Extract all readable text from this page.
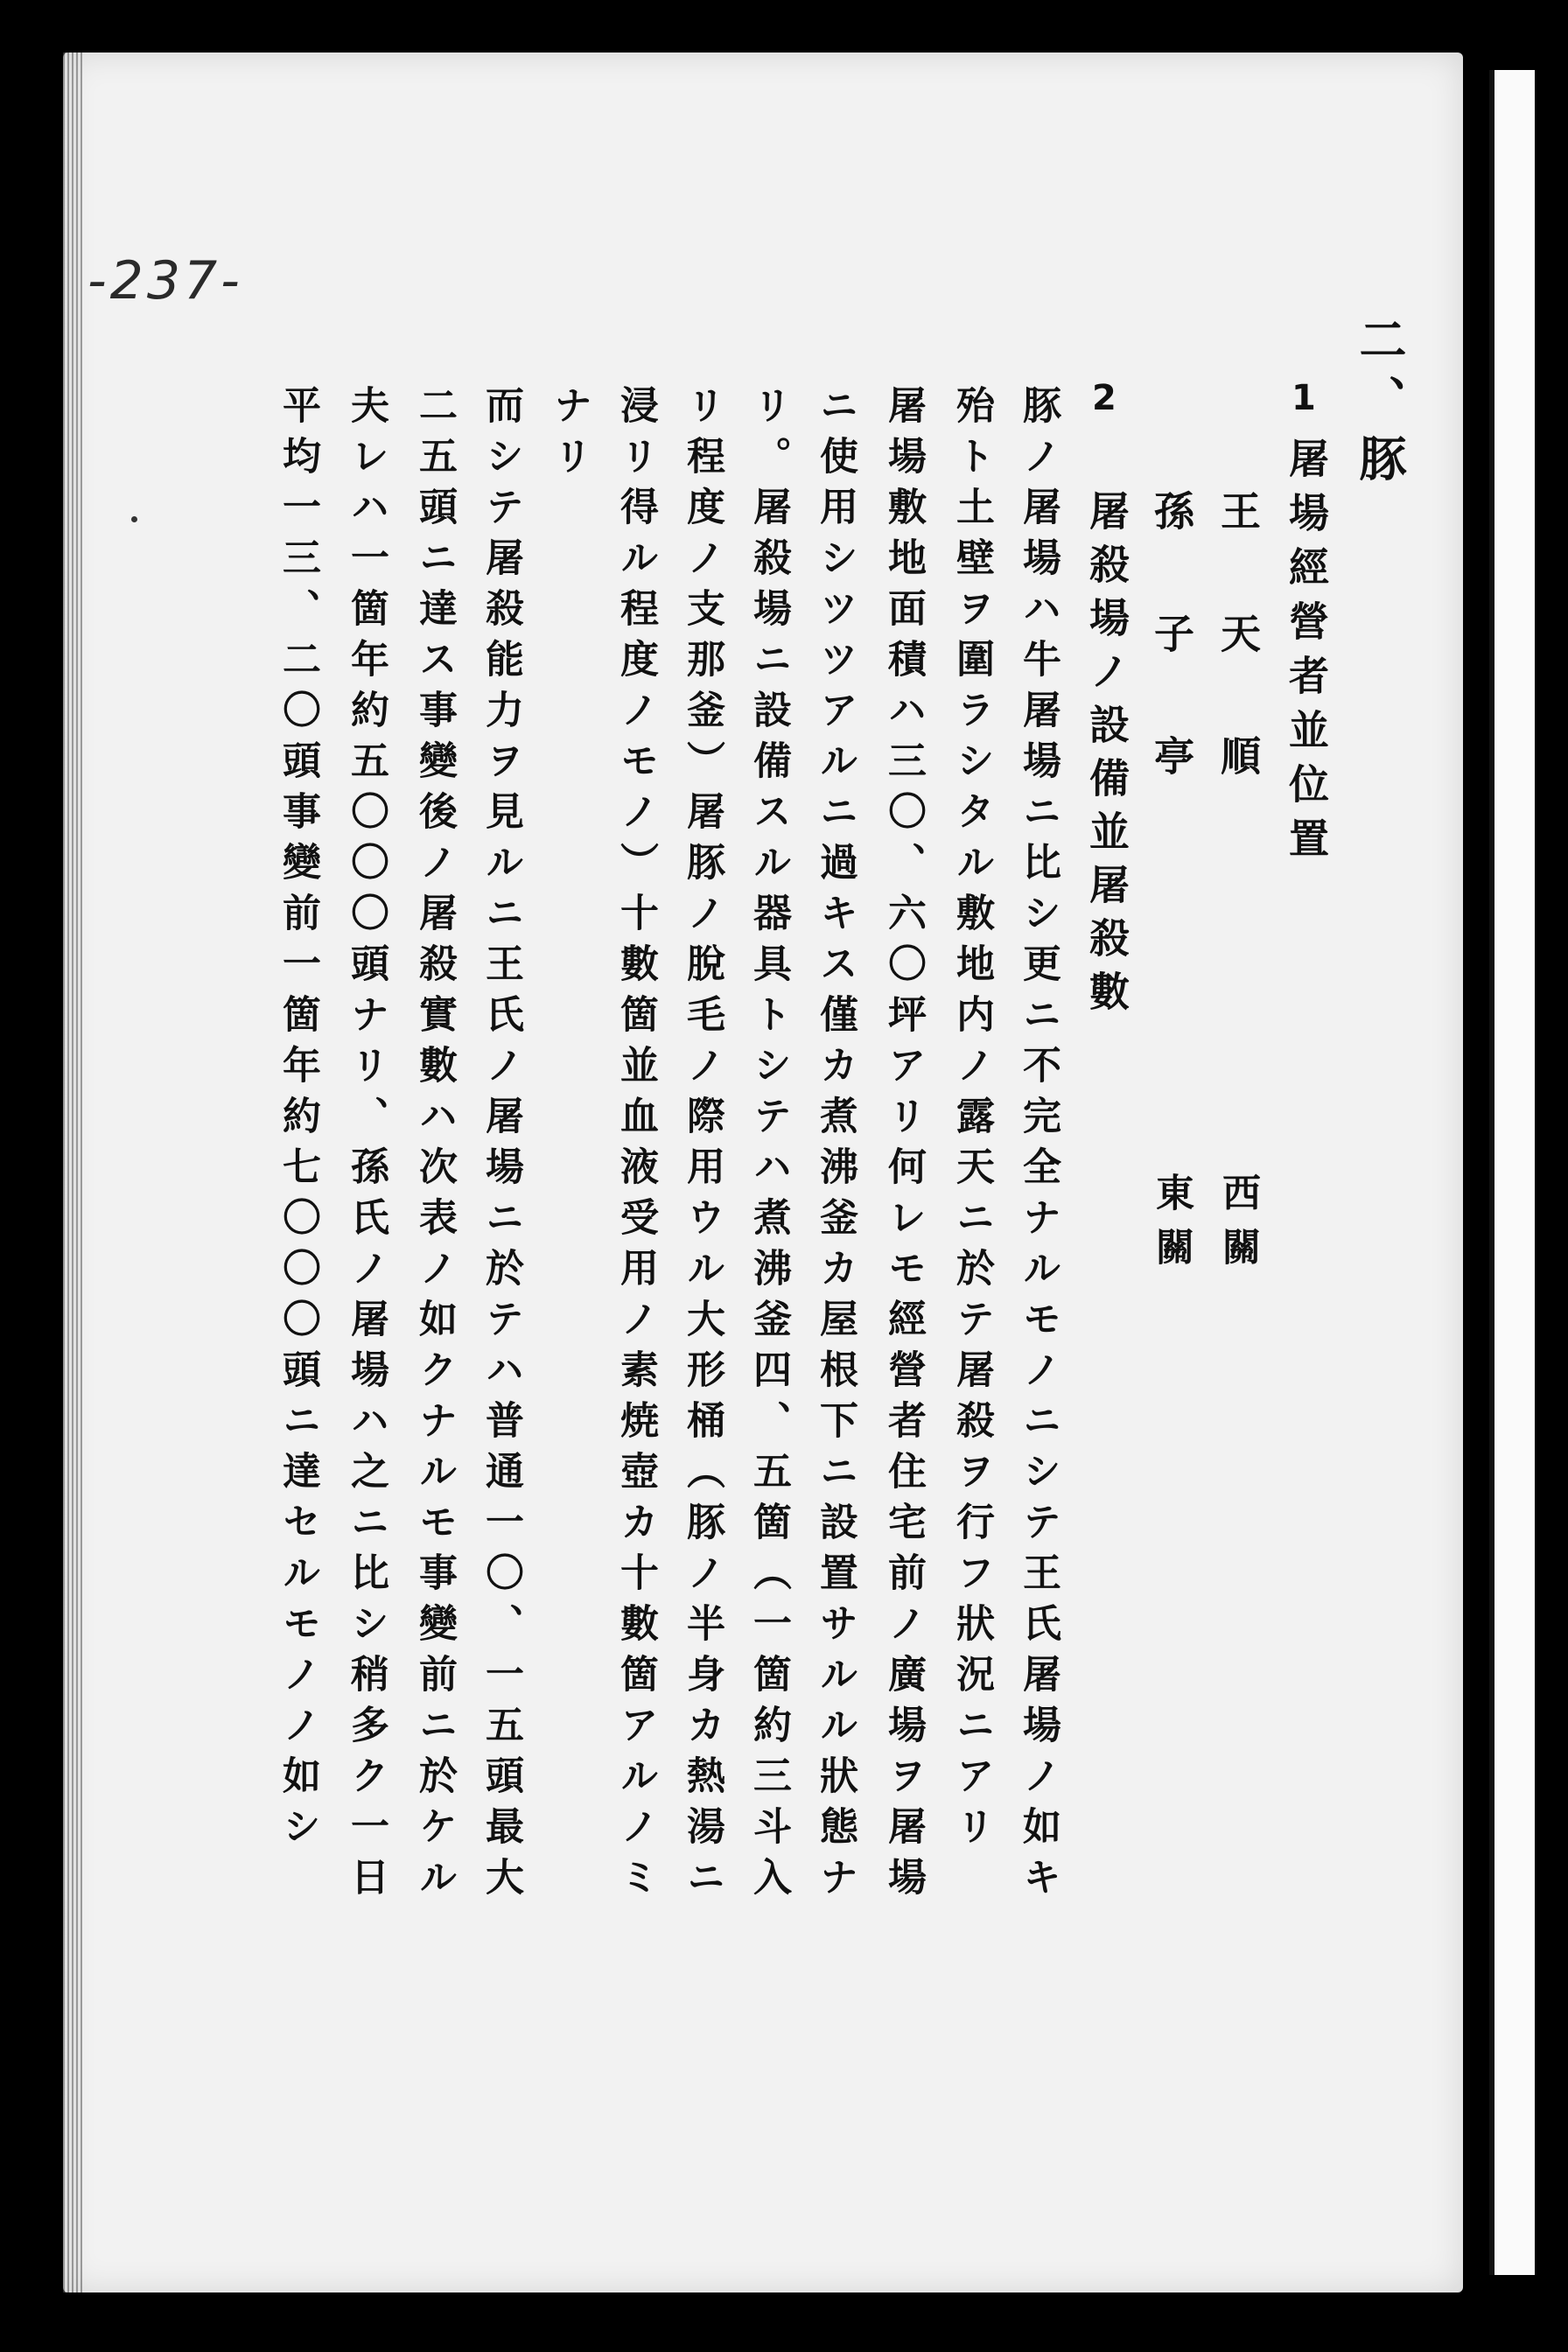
-237-
二、豚
1
屠場經營者並位置
王　天　順
西關
孫　子　亭
東關
2
屠殺場ノ設備並屠殺數
豚ノ屠場ハ牛屠場ニ比シ更ニ不完全ナルモノニシテ王氏屠場ノ如キ
殆ト土壁ヲ圍ラシタル敷地内ノ露天ニ於テ屠殺ヲ行フ狀況ニアリ
屠場敷地面積ハ三〇、六〇坪アリ何レモ經營者住宅前ノ廣場ヲ屠場
ニ使用シツツアルニ過キス僅カ煮沸釜カ屋根下ニ設置サルル狀態ナ
リ。屠殺場ニ設備スル器具トシテハ煮沸釜四、五箇（一箇約三斗入
リ程度ノ支那釜）屠豚ノ脫毛ノ際用ウル大形桶（豚ノ半身カ熱湯ニ
浸リ得ル程度ノモノ）十數箇並血液受用ノ素焼壺カ十數箇アルノミ
ナリ
而シテ屠殺能力ヲ見ルニ王氏ノ屠場ニ於テハ普通一〇、一五頭最大
二五頭ニ達ス事變後ノ屠殺實數ハ次表ノ如クナルモ事變前ニ於ケル
夫レハ一箇年約五〇〇〇頭ナリ、孫氏ノ屠場ハ之ニ比シ稍多ク一日
平均一三、二〇頭事變前一箇年約七〇〇〇頭ニ達セルモノノ如シ
